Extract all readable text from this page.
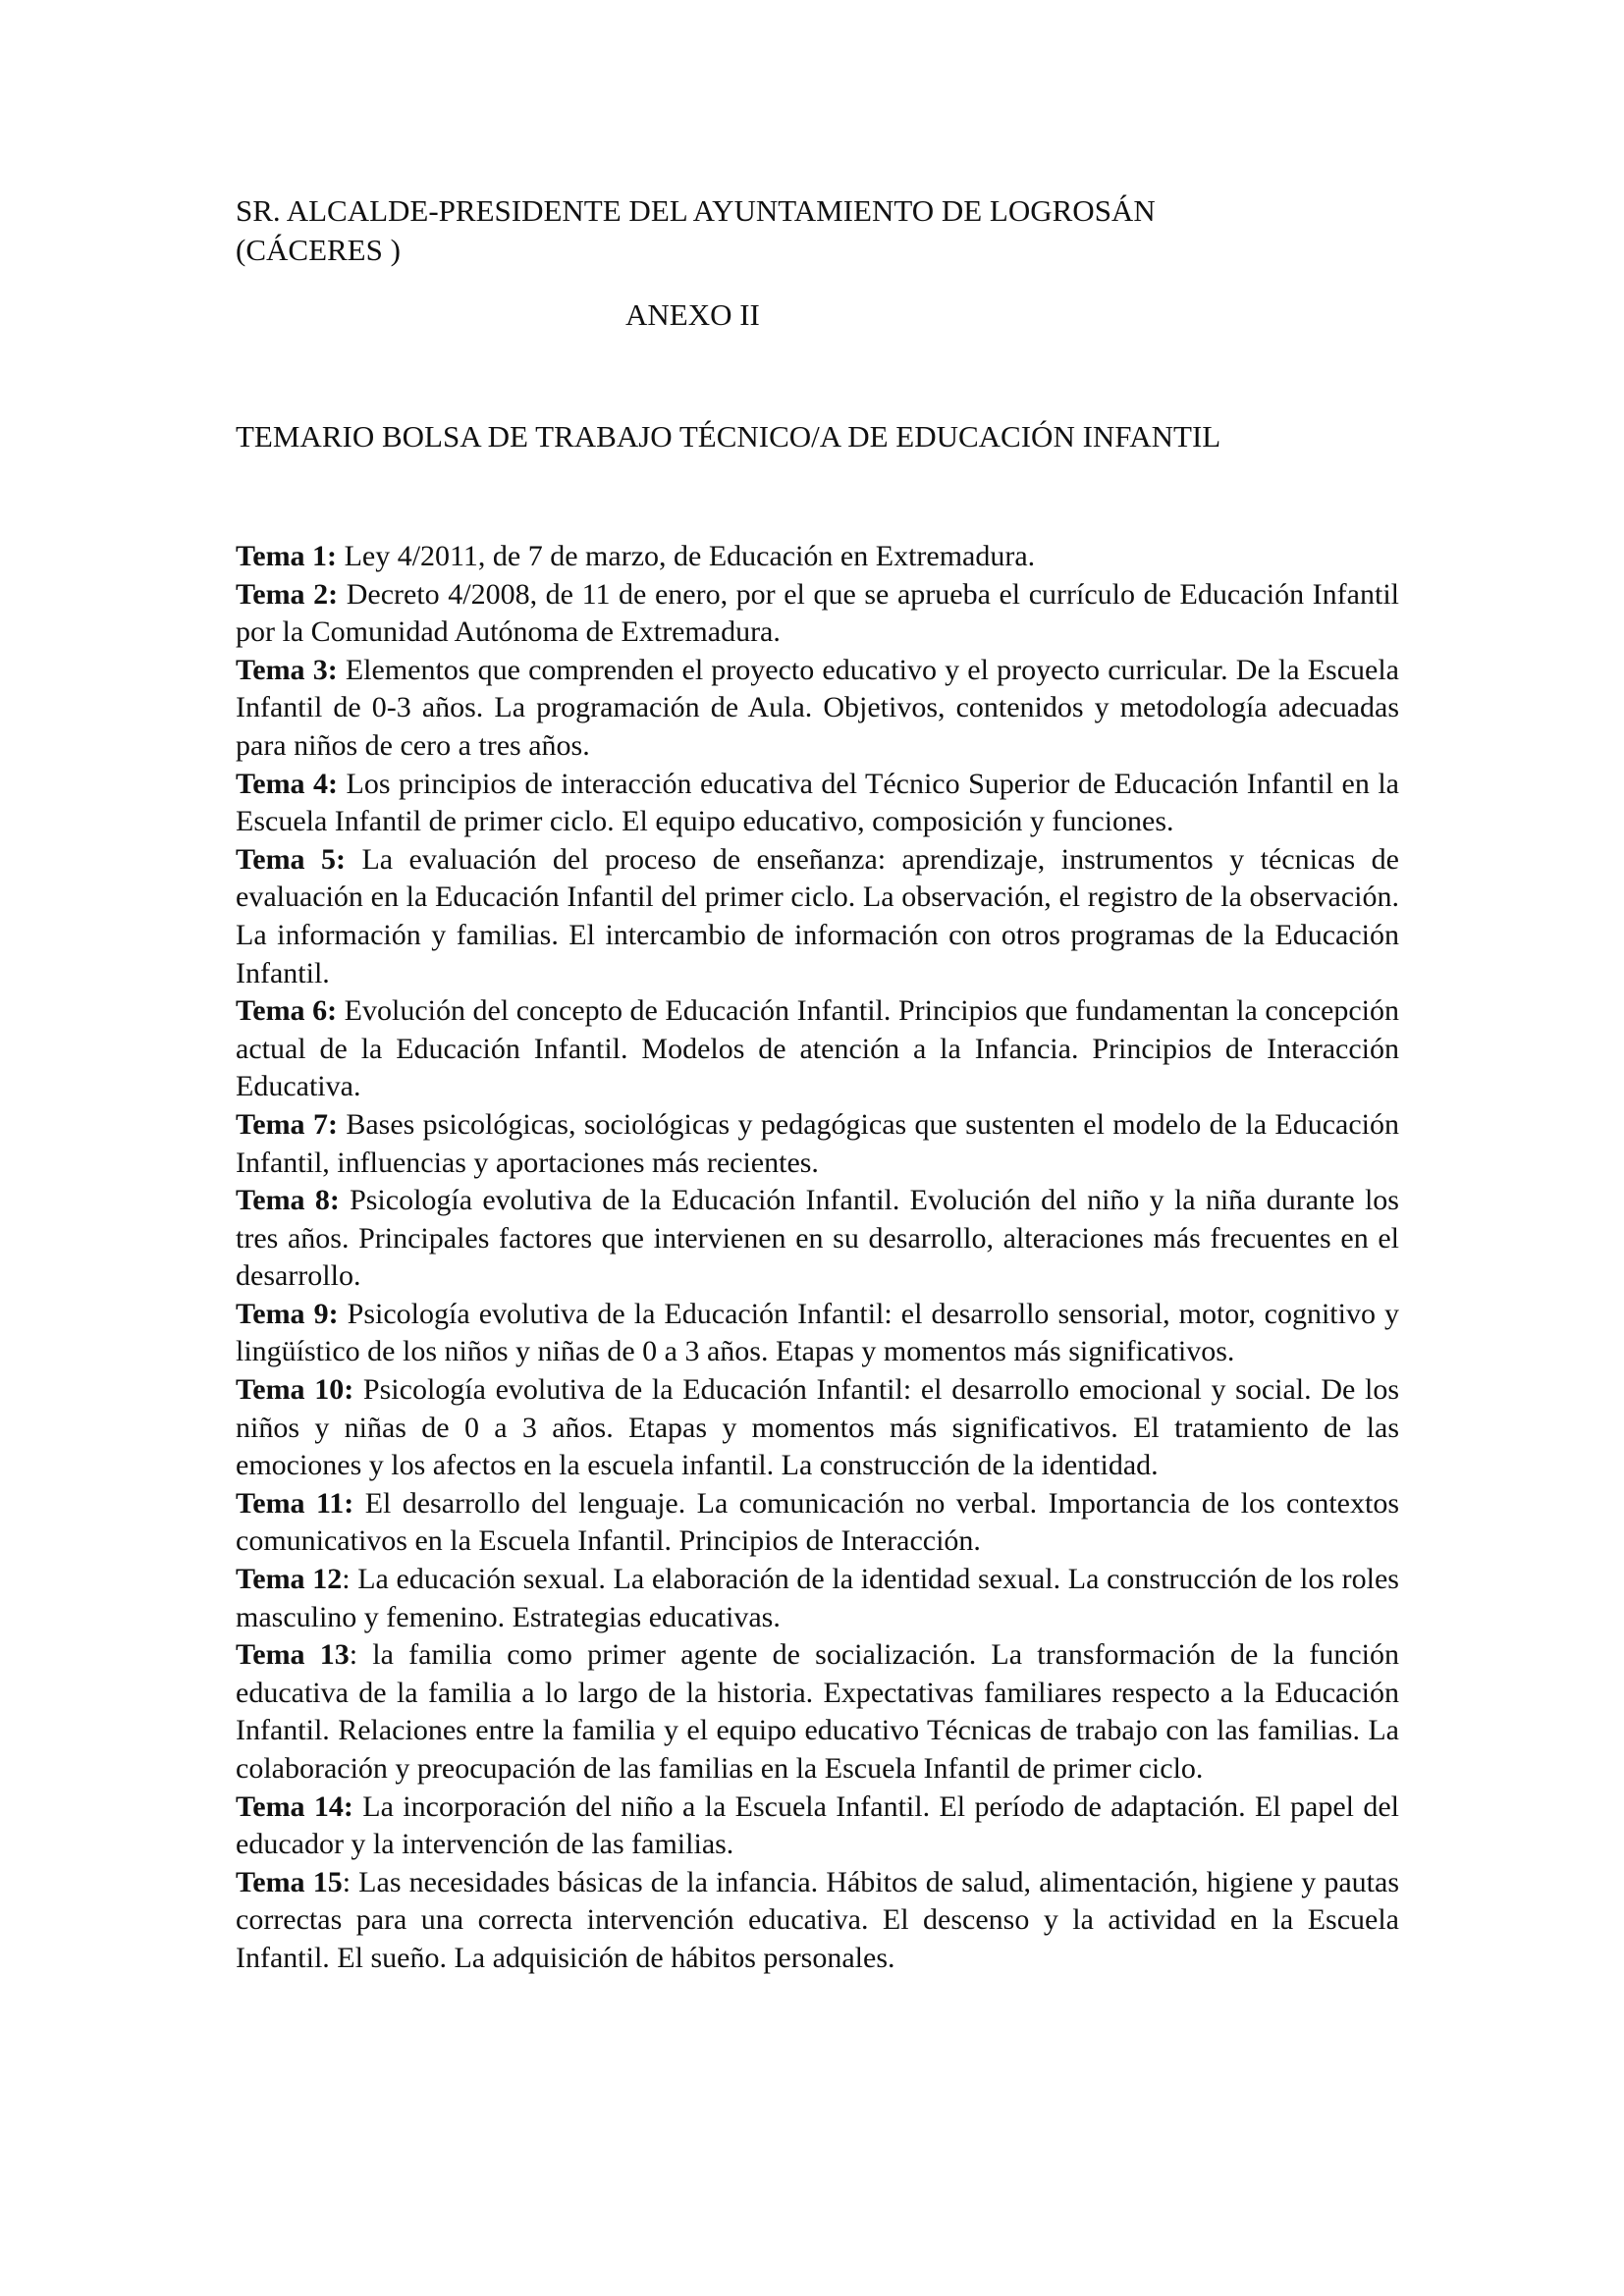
SR. ALCALDE-PRESIDENTE DEL AYUNTAMIENTO DE LOGROSÁN
(CÁCERES )
ANEXO II
TEMARIO BOLSA DE TRABAJO TÉCNICO/A DE EDUCACIÓN INFANTIL

Tema 1: Ley 4/2011, de 7 de marzo, de Educación en Extremadura.

Tema 2: Decreto 4/2008, de 11 de enero, por el que se aprueba el currículo de Educación Infantil por la Comunidad Autónoma de Extremadura.

Tema 3: Elementos que comprenden el proyecto educativo y el proyecto curricular. De la Escuela Infantil de 0-3 años. La programación de Aula. Objetivos, contenidos y metodología adecuadas para niños de cero a tres años.

Tema 4: Los principios de interacción educativa del Técnico Superior de Educación Infantil en la Escuela Infantil de primer ciclo. El equipo educativo, composición y funciones.

Tema 5: La evaluación del proceso de enseñanza: aprendizaje, instrumentos y técnicas de evaluación en la Educación Infantil del primer ciclo. La observación, el registro de la observación. La información y familias. El intercambio de información con otros programas de la Educación Infantil.

Tema 6: Evolución del concepto de Educación Infantil. Principios que fundamentan la concepción actual de la Educación Infantil. Modelos de atención a la Infancia. Principios de Interacción Educativa.

Tema 7: Bases psicológicas, sociológicas y pedagógicas que sustenten el modelo de la Educación Infantil, influencias y aportaciones más recientes.

Tema 8: Psicología evolutiva de la Educación Infantil. Evolución del niño y la niña durante los tres años. Principales factores que intervienen en su desarrollo, alteraciones más frecuentes en el desarrollo.

Tema 9: Psicología evolutiva de la Educación Infantil: el desarrollo sensorial, motor, cognitivo y lingüístico de los niños y niñas de 0 a 3 años. Etapas y momentos más significativos.

Tema 10: Psicología evolutiva de la Educación Infantil: el desarrollo emocional y social. De los niños y niñas de 0 a 3 años. Etapas y momentos más significativos. El tratamiento de las emociones y los afectos en la escuela infantil. La construcción de la identidad.

Tema 11: El desarrollo del lenguaje. La comunicación no verbal. Importancia de los contextos comunicativos en la Escuela Infantil. Principios de Interacción.

Tema 12: La educación sexual. La elaboración de la identidad sexual. La construcción de los roles masculino y femenino. Estrategias educativas.

Tema 13: la familia como primer agente de socialización. La transformación de la función educativa de la familia a lo largo de la historia. Expectativas familiares respecto a la Educación Infantil. Relaciones entre la familia y el equipo educativo Técnicas de trabajo con las familias. La colaboración y preocupación de las familias en la Escuela Infantil de primer ciclo.

Tema 14: La incorporación del niño a la Escuela Infantil. El período de adaptación. El papel del educador y la intervención de las familias.

Tema 15: Las necesidades básicas de la infancia. Hábitos de salud, alimentación, higiene y pautas correctas para una correcta intervención educativa. El descenso y la actividad en la Escuela Infantil. El sueño. La adquisición de hábitos personales.
